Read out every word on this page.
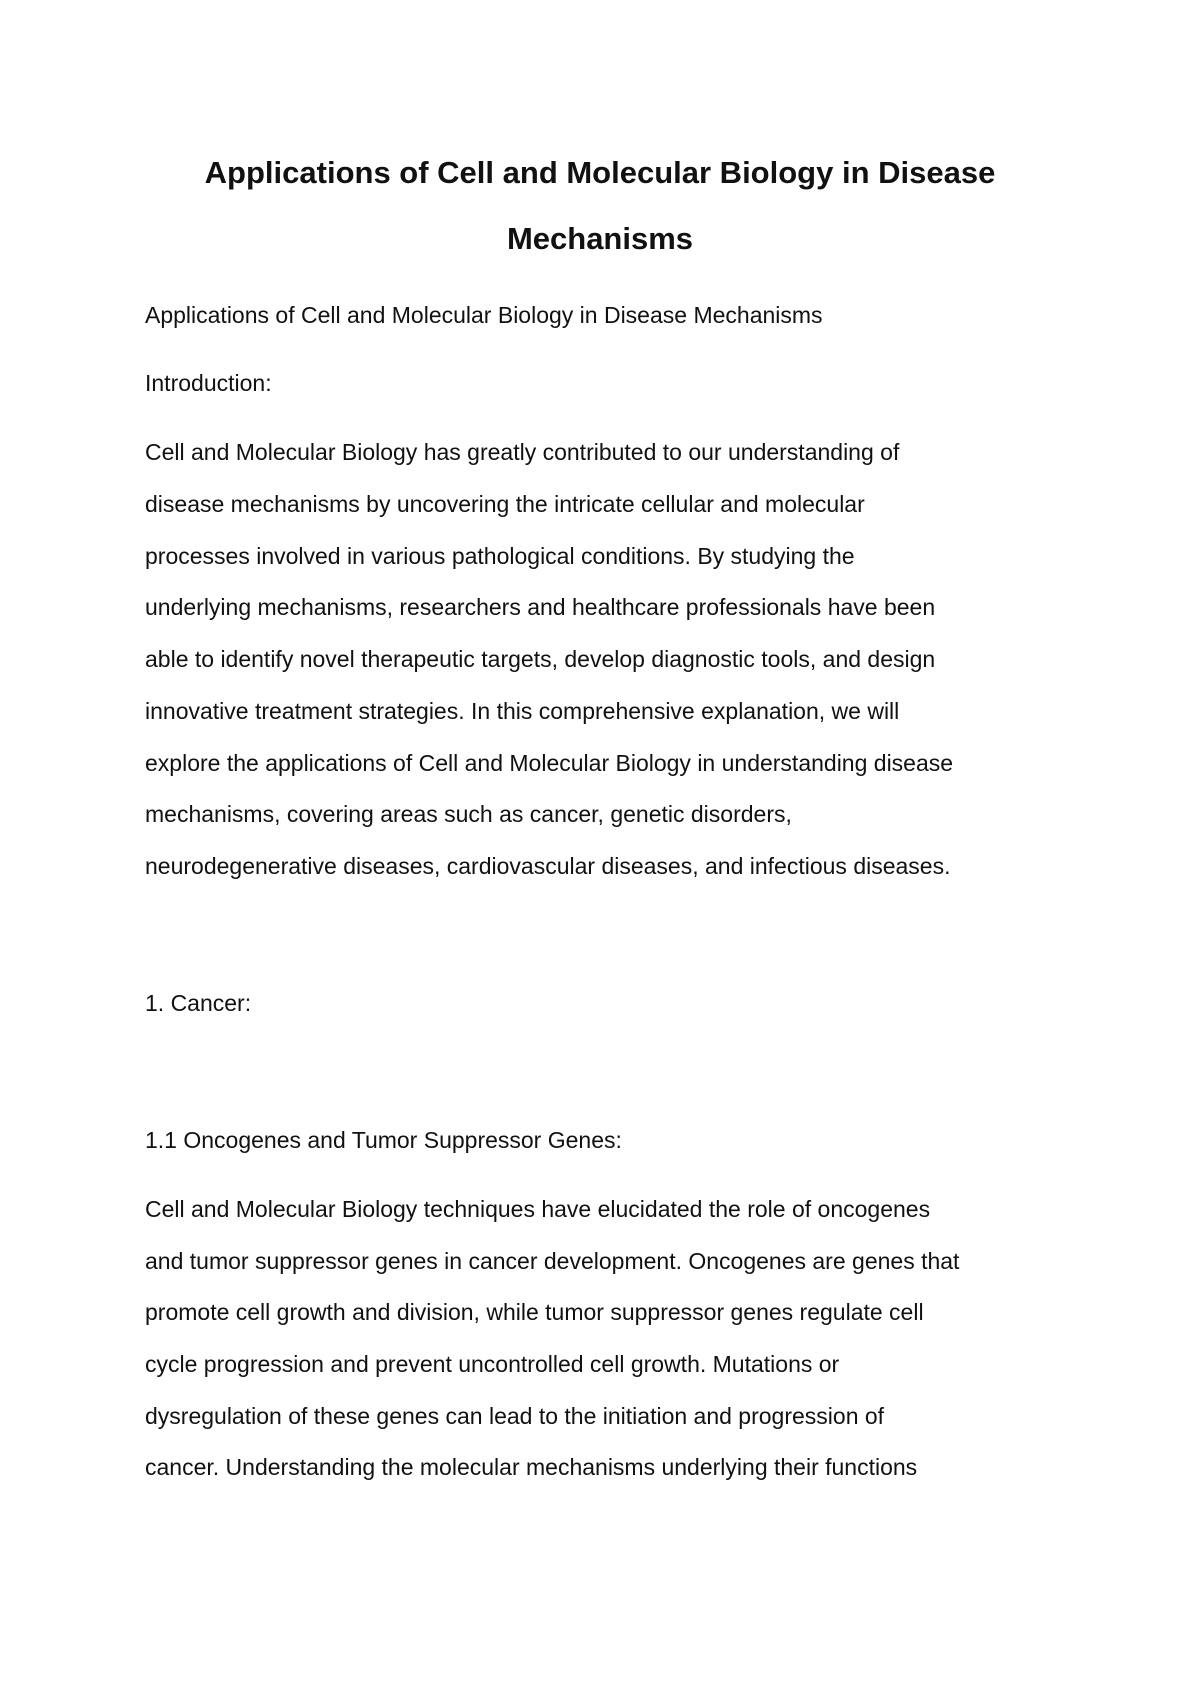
Applications of Cell and Molecular Biology in Disease
Mechanisms

Applications of Cell and Molecular Biology in Disease Mechanisms

Introduction:

Cell and Molecular Biology has greatly contributed to our understanding of

disease mechanisms by uncovering the intricate cellular and molecular

processes involved in various pathological conditions. By studying the

underlying mechanisms, researchers and healthcare professionals have been

able to identify novel therapeutic targets, develop diagnostic tools, and design

innovative treatment strategies. In this comprehensive explanation, we will

explore the applications of Cell and Molecular Biology in understanding disease

mechanisms, covering areas such as cancer, genetic disorders,

neurodegenerative diseases, cardiovascular diseases, and infectious diseases.

1. Cancer:

1.1 Oncogenes and Tumor Suppressor Genes:

Cell and Molecular Biology techniques have elucidated the role of oncogenes

and tumor suppressor genes in cancer development. Oncogenes are genes that

promote cell growth and division, while tumor suppressor genes regulate cell

cycle progression and prevent uncontrolled cell growth. Mutations or

dysregulation of these genes can lead to the initiation and progression of

cancer. Understanding the molecular mechanisms underlying their functions
